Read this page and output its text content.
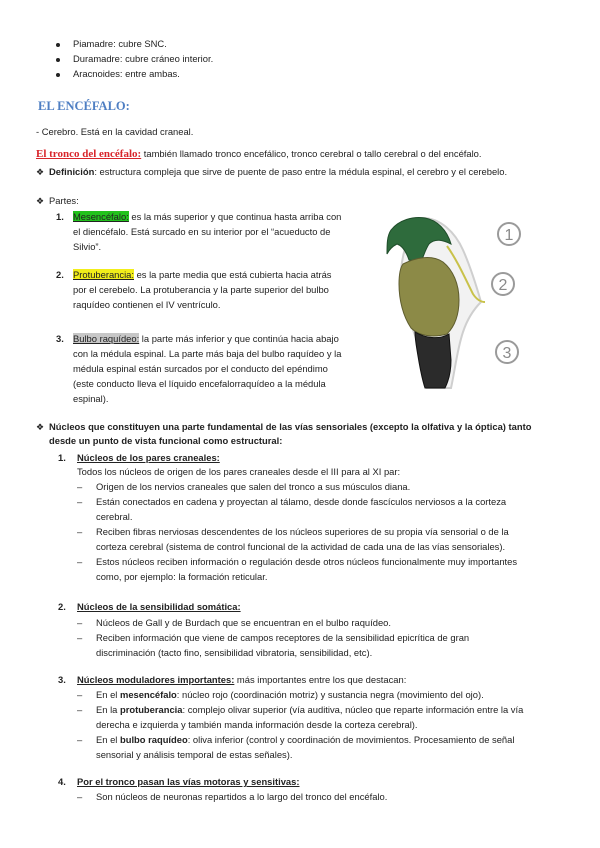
Piamadre: cubre SNC.
Duramadre: cubre cráneo interior.
Aracnoides: entre ambas.
EL ENCÉFALO:
- Cerebro. Está en la cavidad craneal.
El tronco del encéfalo: también llamado tronco encefálico, tronco cerebral o tallo cerebral o del encéfalo.
❖ Definición: estructura compleja que sirve de puente de paso entre la médula espinal, el cerebro y el cerebelo.
❖ Partes:
1. Mesencéfalo: es la más superior y que continua hasta arriba con
el diencéfalo. Está surcado en su interior por el “acueducto de
Silvio”.
2. Protuberancia: es la parte media que está cubierta hacia atrás
por el cerebelo. La protuberancia y la parte superior del bulbo
raquídeo contienen el IV ventrículo.
3. Bulbo raquídeo: la parte más inferior y que continúa hacia abajo
con la médula espinal. La parte más baja del bulbo raquídeo y la
médula espinal están surcados por el conducto del epéndimo
(este conducto lleva el líquido encefalorraquídeo a la médula
espinal).
1
2
3
❖ Núcleos que constituyen una parte fundamental de las vías sensoriales (excepto la olfativa y la óptica) tanto
desde un punto de vista funcional como estructural:
1. Núcleos de los pares craneales:
Todos los núcleos de origen de los pares craneales desde el III para al XI par:
– Origen de los nervios craneales que salen del tronco a sus músculos diana.
– Están conectados en cadena y proyectan al tálamo, desde donde fascículos nerviosos a la corteza
cerebral.
– Reciben fibras nerviosas descendentes de los núcleos superiores de su propia vía sensorial o de la
corteza cerebral (sistema de control funcional de la actividad de cada una de las vías sensoriales).
– Estos núcleos reciben información o regulación desde otros núcleos funcionalmente muy importantes
como, por ejemplo: la formación reticular.
2. Núcleos de la sensibilidad somática:
– Núcleos de Gall y de Burdach que se encuentran en el bulbo raquídeo.
– Reciben información que viene de campos receptores de la sensibilidad epicrítica de gran
discriminación (tacto fino, sensibilidad vibratoria, sensibilidad, etc).
3. Núcleos moduladores importantes: más importantes entre los que destacan:
– En el mesencéfalo: núcleo rojo (coordinación motriz) y sustancia negra (movimiento del ojo).
– En la protuberancia: complejo olivar superior (vía auditiva, núcleo que reparte información entre la vía
derecha e izquierda y también manda información desde la corteza cerebral).
– En el bulbo raquídeo: oliva inferior (control y coordinación de movimientos. Procesamiento de señal
sensorial y análisis temporal de estas señales).
4. Por el tronco pasan las vías motoras y sensitivas:
– Son núcleos de neuronas repartidos a lo largo del tronco del encéfalo.
